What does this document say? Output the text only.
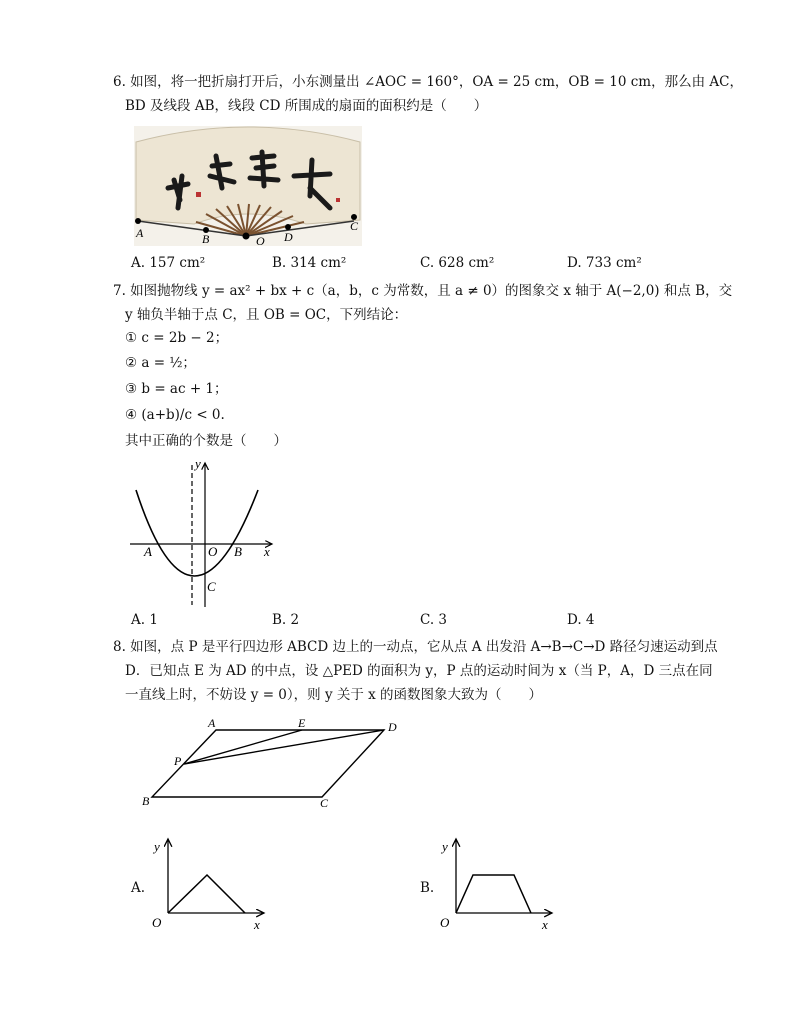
6. 如图，将一把折扇打开后，小东测量出 ∠AOC = 160°，OA = 25 cm，OB = 10 cm，那么由 AC，
BD 及线段 AB，线段 CD 所围成的扇面的面积约是（　　）
A	B	O D
C
A. 157 cm²	B. 314 cm²	C. 628 cm²	D. 733 cm²
7. 如图抛物线 y = ax² + bx + c（a，b，c 为常数，且 a ≠ 0）的图象交 x 轴于 A(−2,0) 和点 B，交
y 轴负半轴于点 C，且 OB = OC，下列结论：
① c = 2b − 2；
② a = ½；
③ b = ac + 1；
④ (a+b)/c < 0.
其中正确的个数是（　　）
y
x
A	O B
C
A. 1	B. 2	C. 3	D. 4
8. 如图，点 P 是平行四边形 ABCD 边上的一动点，它从点 A 出发沿 A→B→C→D 路径匀速运动到点
D．已知点 E 为 AD 的中点，设 △PED 的面积为 y，P 点的运动时间为 x（当 P，A，D 三点在同
一直线上时，不妨设 y = 0），则 y 关于 x 的函数图象大致为（　　）
A	E	D
P
B	C
A.
y
O	x
B.
y
O	x
